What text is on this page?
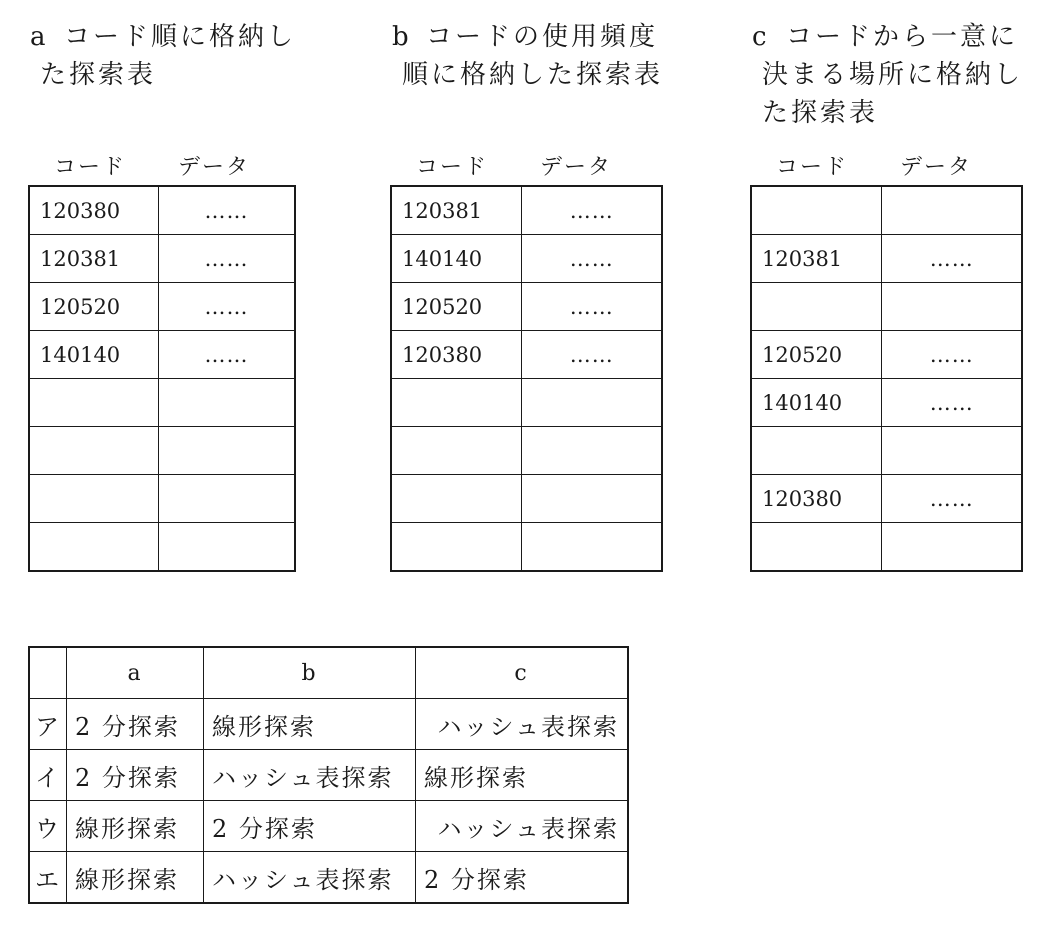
a コード順に格納し
た探索表
コード データ
120380	……
120381	……
120520	……
140140	……

b コードの使用頻度
順に格納した探索表
コード データ
120381	……
140140	……
120520	……
120380	……

c コードから一意に
決まる場所に格納し
た探索表
コード データ

120381	……

120520	……
140140	……

120380	……

	a	b	c
ア	2 分探索	線形探索	ハッシュ表探索
イ	2 分探索	ハッシュ表探索	線形探索
ウ	線形探索	2 分探索	ハッシュ表探索
エ	線形探索	ハッシュ表探索	2 分探索
